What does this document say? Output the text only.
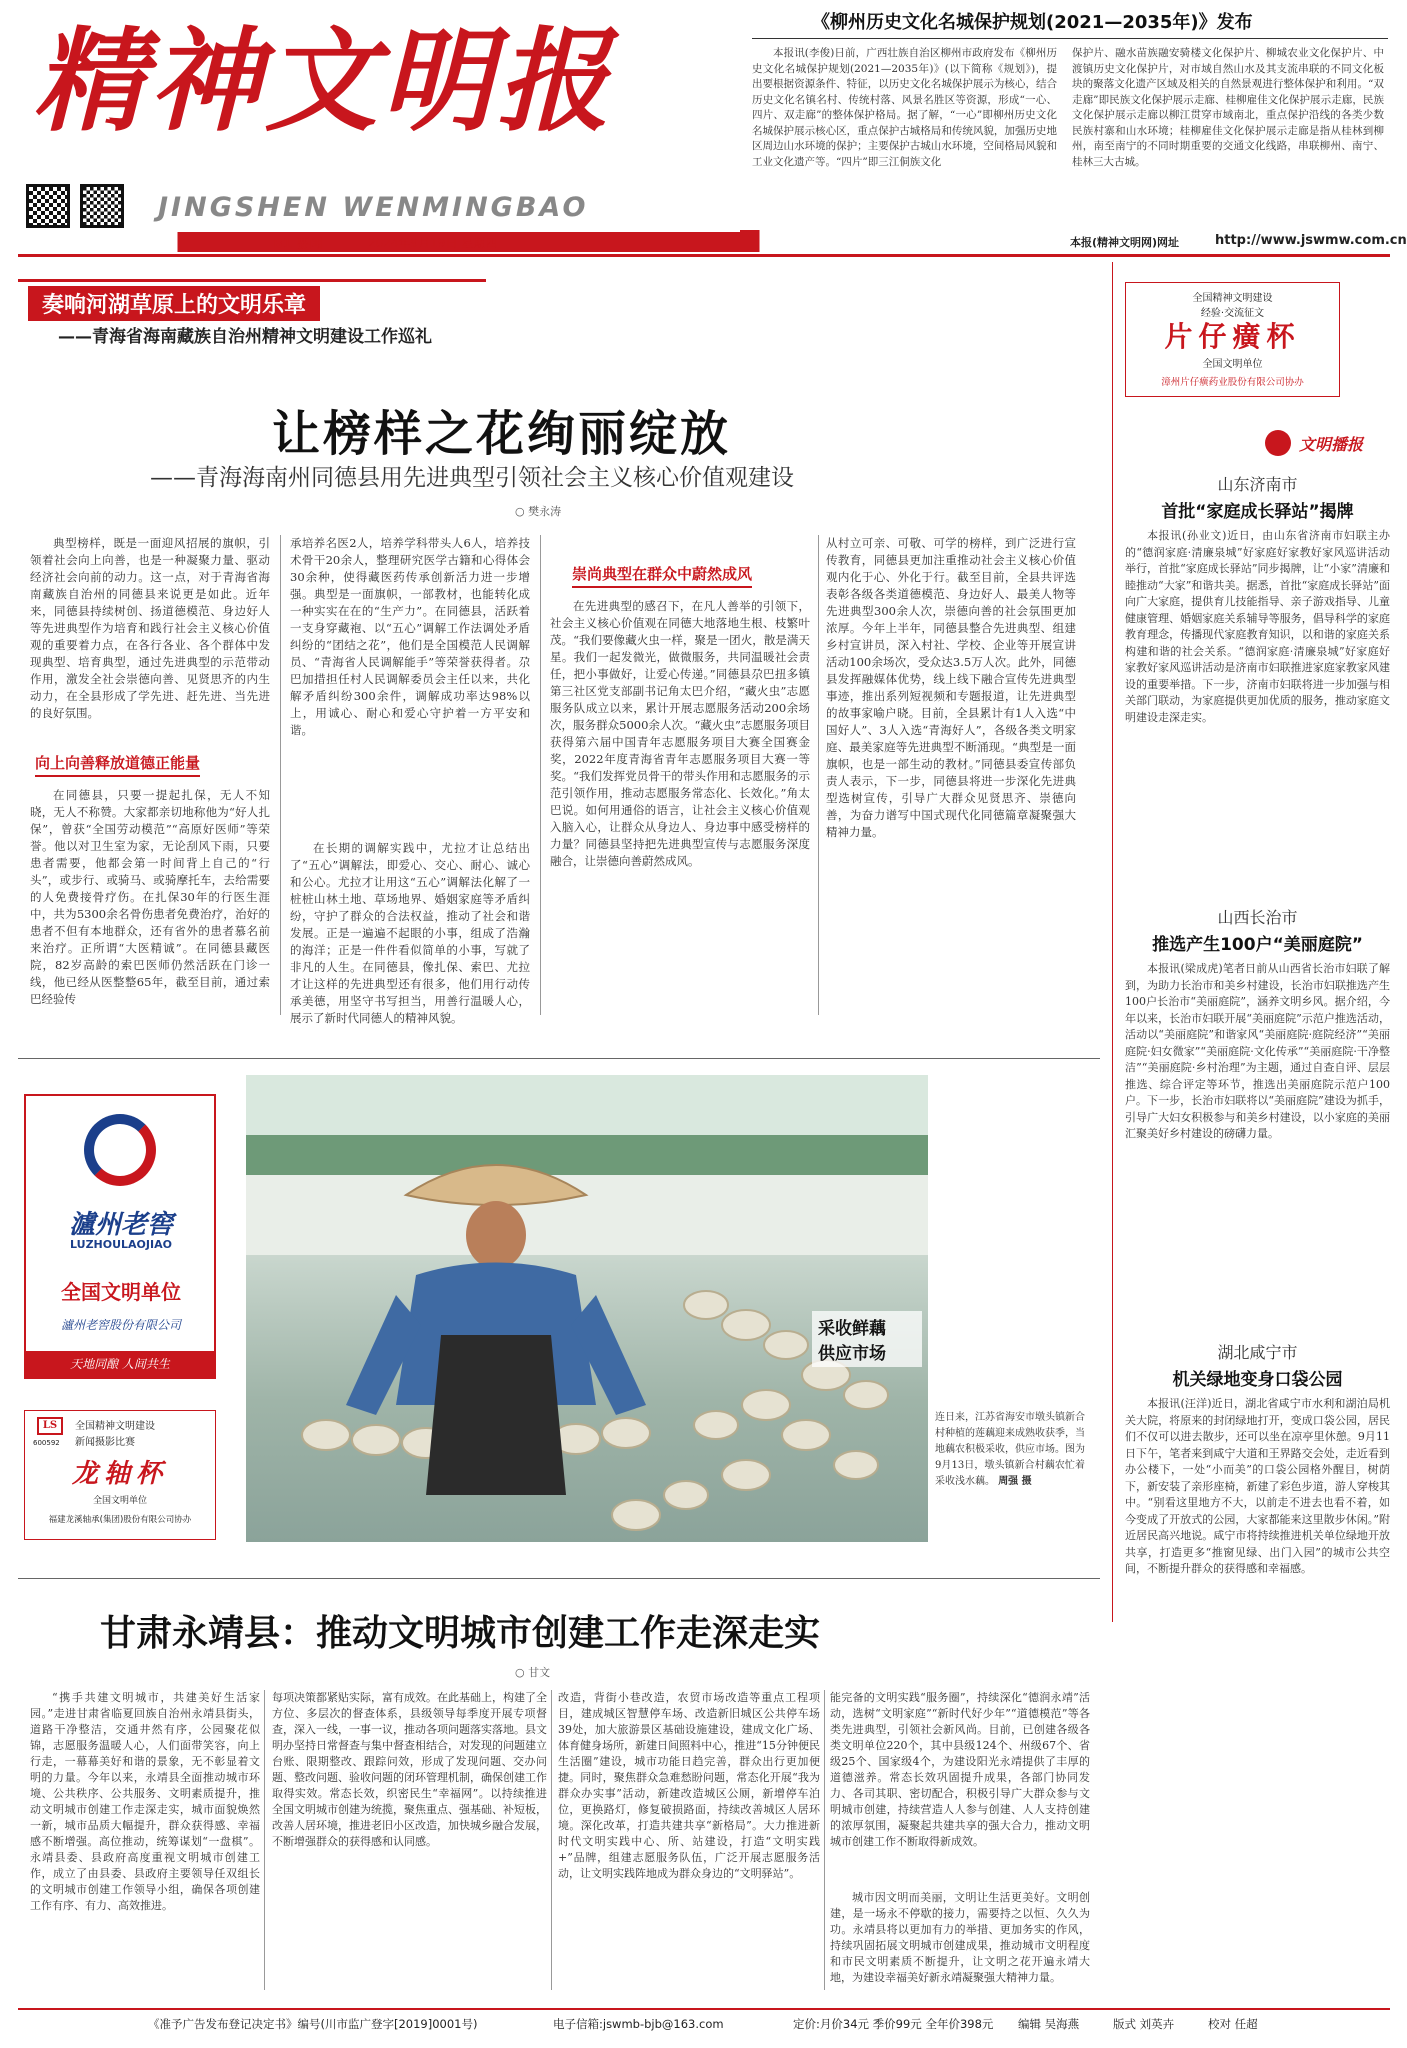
精神文明报
JINGSHEN WENMINGBAO
B1 要闻	2024年9月19日 星期四
《柳州历史文化名城保护规划(2021—2035年)》发布
本报讯(李俊)日前，广西壮族自治区柳州市政府发布《柳州历史文化名城保护规划(2021—2035年)》(以下简称《规划》)，提出要根据资源条件、特征，以历史文化名城保护展示为核心，结合历史文化名镇名村、传统村落、风景名胜区等资源，形成“一心、四片、双走廊”的整体保护格局。据了解，“一心”即柳州历史文化名城保护展示核心区，重点保护古城格局和传统风貌，加强历史地区周边山水环境的保护；主要保护古城山水环境，空间格局风貌和工业文化遗产等。“四片”即三江侗族文化
保护片、融水苗族融安骑楼文化保护片、柳城农业文化保护片、中渡镇历史文化保护片，对市域自然山水及其支流串联的不同文化板块的聚落文化遗产区域及相关的自然景观进行整体保护和利用。“双走廊”即民族文化保护展示走廊、桂柳雇佳文化保护展示走廊，民族文化保护展示走廊以柳江贯穿市域南北，重点保护沿线的各类少数民族村寨和山水环境；桂柳雇佳文化保护展示走廊是指从桂林到柳州，南至南宁的不同时期重要的交通文化线路，串联柳州、南宁、桂林三大古城。
本报(精神文明网)网址	http://www.jswmw.com.cn
奏响河湖草原上的文明乐章
——青海省海南藏族自治州精神文明建设工作巡礼
让榜样之花绚丽绽放
——青海海南州同德县用先进典型引领社会主义核心价值观建设
○ 樊永涛
典型榜样，既是一面迎风招展的旗帜，引领着社会向上向善，也是一种凝聚力量、驱动经济社会向前的动力。这一点，对于青海省海南藏族自治州的同德县来说更是如此。近年来，同德县持续树创、扬道德模范、身边好人等先进典型作为培育和践行社会主义核心价值观的重要着力点，在各行各业、各个群体中发现典型、培育典型，通过先进典型的示范带动作用，激发全社会崇德向善、见贤思齐的内生动力，在全县形成了学先进、赶先进、当先进的良好氛围。
向上向善释放道德正能量
在同德县，只要一提起扎保，无人不知晓，无人不称赞。大家都亲切地称他为“好人扎保”，曾获“全国劳动模范”“高原好医师”等荣誉。他以对卫生室为家，无论刮风下雨，只要患者需要，他都会第一时间背上自己的“行头”，或步行、或骑马、或骑摩托车，去给需要的人免费接骨疗伤。在扎保30年的行医生涯中，共为5300余名骨伤患者免费治疗，治好的患者不但有本地群众，还有省外的患者慕名前来治疗。正所谓“大医精诚”。在同德县藏医院，82岁高龄的索巴医师仍然活跃在门诊一线，他已经从医整整65年，截至目前，通过索巴经验传
承培养名医2人，培养学科带头人6人，培养技术骨干20余人，整理研究医学古籍和心得体会30余种，使得藏医药传承创新活力进一步增强。典型是一面旗帜，一部教材，也能转化成一种实实在在的“生产力”。在同德县，活跃着一支身穿藏袍、以“五心”调解工作法调处矛盾纠纷的“团结之花”，他们是全国模范人民调解员、“青海省人民调解能手”等荣誉获得者。尕巴加措担任村人民调解委员会主任以来，共化解矛盾纠纷300余件，调解成功率达98%以上，用诚心、耐心和爱心守护着一方平安和谐。
在长期的调解实践中，尤拉才让总结出了“五心”调解法，即爱心、交心、耐心、诚心和公心。尤拉才让用这“五心”调解法化解了一桩桩山林土地、草场地界、婚姻家庭等矛盾纠纷，守护了群众的合法权益，推动了社会和谐发展。正是一遍遍不起眼的小事，组成了浩瀚的海洋；正是一件件看似简单的小事，写就了非凡的人生。在同德县，像扎保、索巴、尤拉才让这样的先进典型还有很多，他们用行动传承美德，用坚守书写担当，用善行温暖人心，展示了新时代同德人的精神风貌。
崇尚典型在群众中蔚然成风
在先进典型的感召下，在凡人善举的引领下，社会主义核心价值观在同德大地落地生根、枝繁叶茂。“我们要像藏火虫一样，聚是一团火，散是满天星。我们一起发微光，做微服务，共同温暖社会责任，把小事做好，让爱心传递。”同德县尕巴扭多镇第三社区党支部副书记角太巴介绍，“藏火虫”志愿服务队成立以来，累计开展志愿服务活动200余场次，服务群众5000余人次。“藏火虫”志愿服务项目获得第六届中国青年志愿服务项目大赛全国赛金奖，2022年度青海省青年志愿服务项目大赛一等奖。“我们发挥党员骨干的带头作用和志愿服务的示范引领作用，推动志愿服务常态化、长效化。”角太巴说。如何用通俗的语言，让社会主义核心价值观入脑入心，让群众从身边人、身边事中感受榜样的力量？同德县坚持把先进典型宣传与志愿服务深度融合，让崇德向善蔚然成风。
从村立可亲、可敬、可学的榜样，到广泛进行宣传教育，同德县更加注重推动社会主义核心价值观内化于心、外化于行。截至目前，全县共评选表彰各级各类道德模范、身边好人、最美人物等先进典型300余人次，崇德向善的社会氛围更加浓厚。今年上半年，同德县整合先进典型、组建乡村宣讲员，深入村社、学校、企业等开展宣讲活动100余场次，受众达3.5万人次。此外，同德县发挥融媒体优势，线上线下融合宣传先进典型事迹，推出系列短视频和专题报道，让先进典型的故事家喻户晓。目前，全县累计有1人入选“中国好人”、3人入选“青海好人”，各级各类文明家庭、最美家庭等先进典型不断涌现。“典型是一面旗帜，也是一部生动的教材。”同德县委宣传部负责人表示，下一步，同德县将进一步深化先进典型选树宣传，引导广大群众见贤思齐、崇德向善，为奋力谱写中国式现代化同德篇章凝聚强大精神力量。
全国精神文明建设
经验·交流征文
片仔癀杯
全国文明单位
漳州片仔癀药业股份有限公司协办
文明播报
山东济南市
首批“家庭成长驿站”揭牌
本报讯(孙业文)近日，由山东省济南市妇联主办的“德润家庭·清廉泉城”好家庭好家教好家风巡讲活动举行，首批“家庭成长驿站”同步揭牌，让“小家”清廉和睦推动“大家”和谐共美。据悉，首批“家庭成长驿站”面向广大家庭，提供育儿技能指导、亲子游戏指导、儿童健康管理、婚姻家庭关系辅导等服务，倡导科学的家庭教育理念，传播现代家庭教育知识，以和谐的家庭关系构建和谐的社会关系。“德润家庭·清廉泉城”好家庭好家教好家风巡讲活动是济南市妇联推进家庭家教家风建设的重要举措。下一步，济南市妇联将进一步加强与相关部门联动，为家庭提供更加优质的服务，推动家庭文明建设走深走实。
山西长治市
推选产生100户“美丽庭院”
本报讯(梁成虎)笔者日前从山西省长治市妇联了解到，为助力长治市和美乡村建设，长治市妇联推选产生100户长治市“美丽庭院”，涵养文明乡风。据介绍，今年以来，长治市妇联开展“美丽庭院”示范户推选活动，活动以“美丽庭院”和谐家风“美丽庭院·庭院经济”“美丽庭院·妇女微家”“美丽庭院·文化传承”“美丽庭院·干净整洁”“美丽庭院·乡村治理”为主题，通过自查自评、层层推选、综合评定等环节，推选出美丽庭院示范户100户。下一步，长治市妇联将以“美丽庭院”建设为抓手，引导广大妇女积极参与和美乡村建设，以小家庭的美丽汇聚美好乡村建设的磅礴力量。
湖北咸宁市
机关绿地变身口袋公园
本报讯(汪洋)近日，湖北省咸宁市水利和湖泊局机关大院，将原来的封闭绿地打开，变成口袋公园，居民们不仅可以进去散步，还可以坐在凉亭里休憩。9月11日下午，笔者来到咸宁大道和王界路交会处，走近看到办公楼下，一处“小而美”的口袋公园格外醒目，树荫下，新安装了亲形座椅，新建了彩色步道，游人穿梭其中。“别看这里地方不大，以前走不进去也看不着，如今变成了开放式的公园，大家都能来这里散步休闲。”附近居民高兴地说。咸宁市将持续推进机关单位绿地开放共享，打造更多“推窗见绿、出门入园”的城市公共空间，不断提升群众的获得感和幸福感。
瀘州老窖
LUZHOULAOJIAO
全国文明单位
瀘州老窖股份有限公司
天地同酿 人间共生
LS
600592
全国精神文明建设
新闻摄影比赛
龙轴杯
全国文明单位
福建龙溪轴承(集团)股份有限公司协办
采收鲜藕
供应市场
连日来，江苏省海安市墩头镇新合村种植的莲藕迎来成熟收获季，当地藕农积极采收，供应市场。图为9月13日，墩头镇新合村藕农忙着采收浅水藕。 周强 摄
甘肃永靖县：推动文明城市创建工作走深走实
○ 甘文
“携手共建文明城市，共建美好生活家园。”走进甘肃省临夏回族自治州永靖县街头，道路干净整洁，交通井然有序，公园聚花似锦，志愿服务温暖人心，人们面带笑容，向上行走，一幕幕美好和谐的景象，无不彰显着文明的力量。今年以来，永靖县全面推动城市环境、公共秩序、公共服务、文明素质提升，推动文明城市创建工作走深走实，城市面貌焕然一新，城市品质大幅提升，群众获得感、幸福感不断增强。高位推动，统筹谋划“一盘棋”。永靖县委、县政府高度重视文明城市创建工作，成立了由县委、县政府主要领导任双组长的文明城市创建工作领导小组，确保各项创建工作有序、有力、高效推进。
每项决策都紧贴实际，富有成效。在此基础上，构建了全方位、多层次的督查体系，县级领导每季度开展专项督查，深入一线，一事一议，推动各项问题落实落地。县文明办坚持日常督查与集中督查相结合，对发现的问题建立台账、限期整改、跟踪问效，形成了发现问题、交办问题、整改问题、验收问题的闭环管理机制，确保创建工作取得实效。常态长效，织密民生“幸福网”。以持续推进全国文明城市创建为统揽，聚焦重点、强基础、补短板，改善人居环境，推进老旧小区改造，加快城乡融合发展，不断增强群众的获得感和认同感。
改造，背街小巷改造，农贸市场改造等重点工程项目，建成城区智慧停车场、改造新旧城区公共停车场39处，加大旅游景区基础设施建设，建成文化广场、体育健身场所，新建日间照料中心，推进“15分钟便民生活圈”建设，城市功能日趋完善，群众出行更加便捷。同时，聚焦群众急难愁盼问题，常态化开展“我为群众办实事”活动，新建改造城区公厕，新增停车泊位，更换路灯，修复破损路面，持续改善城区人居环境。深化改革，打造共建共享“新格局”。大力推进新时代文明实践中心、所、站建设，打造“文明实践+”品牌，组建志愿服务队伍，广泛开展志愿服务活动，让文明实践阵地成为群众身边的“文明驿站”。
能完备的文明实践“服务圈”，持续深化“德润永靖”活动，选树“文明家庭”“新时代好少年”“道德模范”等各类先进典型，引领社会新风尚。目前，已创建各级各类文明单位220个，其中县级124个、州级67个、省级25个、国家级4个，为建设阳光永靖提供了丰厚的道德滋养。常态长效巩固提升成果，各部门协同发力、各司其职、密切配合，积极引导广大群众参与文明城市创建，持续营造人人参与创建、人人支持创建的浓厚氛围，凝聚起共建共享的强大合力，推动文明城市创建工作不断取得新成效。
城市因文明而美丽，文明让生活更美好。文明创建，是一场永不停歇的接力，需要持之以恒、久久为功。永靖县将以更加有力的举措、更加务实的作风，持续巩固拓展文明城市创建成果，推动城市文明程度和市民文明素质不断提升，让文明之花开遍永靖大地，为建设幸福美好新永靖凝聚强大精神力量。
《准予广告发布登记决定书》编号(川市监广登字[2019]0001号)	电子信箱:jswmb-bjb@163.com	定价:月价34元 季价99元 全年价398元 编辑 吴海燕	版式 刘英卉	校对 任超
